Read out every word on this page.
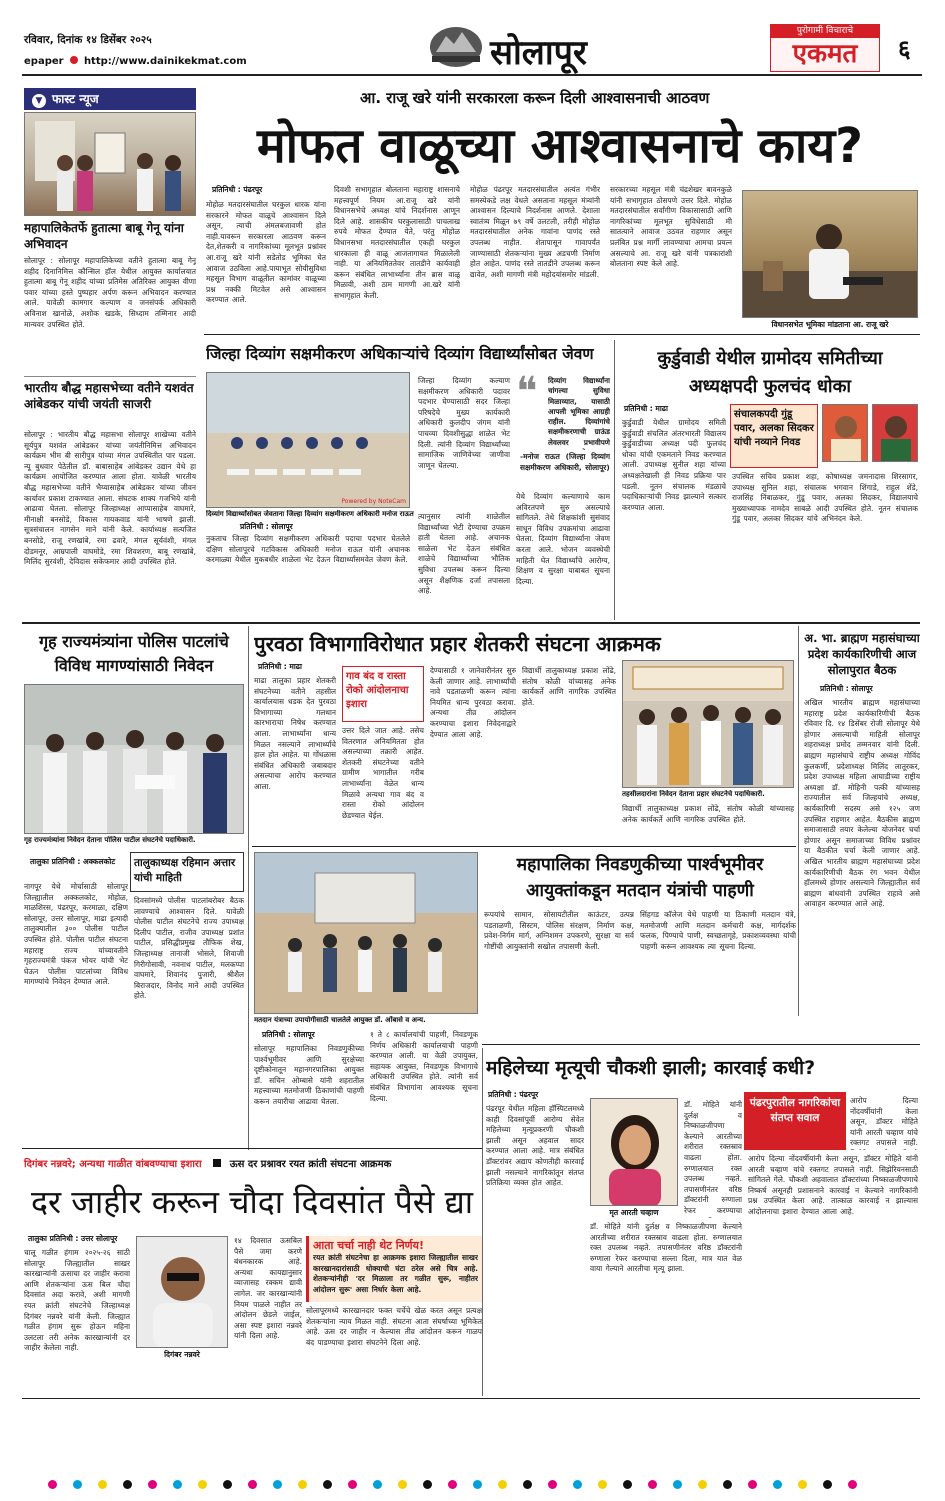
रविवार, दिनांक १४ डिसेंबर २०२५
epaper http://www.dainikekmat.com	सोलापूर
पुरोगामी विचाराचे
एकमत	६
▼ फास्ट न्यूज
महापालिकेतर्फे हुतात्मा बाबू गेनू यांना अभिवादन
सोलापूर : सोलापूर महापालिकेच्या वतीने हुतात्मा बाबू गेनू शहीद दिनानिमित्त कौन्सिल हॉल येथील आयुक्त कार्यालयात हुतात्मा बाबू गेनू शहीद यांच्या प्रतिमेस अतिरिक्त आयुक्त वीणा पवार यांच्या हस्ते पुष्पहार अर्पण करून अभिवादन करण्यात आले. यावेळी कामगार कल्याण व जनसंपर्क अधिकारी अविनाश खानोळे, अशोक खडके, सिध्दाम तम्मिनार आदी मान्यवर उपस्थित होते.
भारतीय बौद्ध महासभेच्या वतीने यशवंत आंबेडकर यांची जयंती साजरी
सोलापूर : भारतीय बौद्ध महासभा सोलापूर शाखेच्या वतीने सूर्यपुत्र यशवंत आंबेडकर यांच्या जयंतीनिमित्त अभिवादन कार्यक्रम भीम बी सारीपुत्र यांच्या मंगल उपस्थितीत पार पडला. न्यू बुधवार पेठेतील डॉ. बाबासाहेब आंबेडकर उद्यान येथे हा कार्यक्रम आयोजित करण्यात आला होता. यावेळी भारतीय बौद्ध महासभेच्या वतीने भैय्यासाहेब आंबेडकर यांच्या जीवन कार्यावर प्रकाश टाकण्यात आला. संघटक शाक्य गजभिये यांनी आढावा घेतला. सोलापूर जिल्हाध्यक्ष आप्पासाहेब वाघमारे, मीनाक्षी बनसोडे, विकास गायकवाड यांनी भाषणे झाली. सूत्रसंचालन नागसेन माने यांनी केले. कार्याध्यक्ष सत्यजित बनसोडे, राजू रणखांबे, रमा ढवारे, मंगल सूर्यवंशी, मंगल दोडमनूर, आम्रपाली वाघमोडे, रमा शिवशरण, बाबू रणखांबे, मिलिंद सुरवंशी, देविदास सकेफमार आदी उपस्थित होते.
आ. राजू खरे यांनी सरकारला करून दिली आश्वासनाची आठवण
मोफत वाळूच्या आश्वासनाचे काय?
प्रतिनिधी : पंढरपूर
मोहोळ मतदारसंघातील घरकुल धारक यांना सरकारने मोफत वाळूचे आश्वासन दिले असून, त्याची अंमलबजावणी होत नाही.यावरून सरकारला आठवण करून देत,शेतकरी व नागरिकांच्या मूलभूत प्रश्नांवर आ.राजू खरे यांनी सडेतोड भूमिका घेत आवाज उठविला आहे.पायाभूत सोयीसुविधा महसूल विभाग वाळूतील कामांवर वाळूच्या प्रश्न नक्की मिटवेल असे आश्वासन करण्यात आले.
दिवशी सभागृहात बोलताना महाराष्ट्र शासनाचे महत्त्वपूर्ण नियम आ.राजू खरे यांनी विधानसभेचे अध्यक्ष यांचे निदर्शनास आणून दिले आहे. शासकीय घरकुलासाठी पाचलाख रुपये मोफत देण्यात येते, परंतु मोहोळ विधानसभा मतदारसंघातील एकही घरकुल धारकाला ही वाळू आजतागायत मिळालेली नाही. या अनियमिततेवर तातडीने कार्यवाही करून संबंधित लाभार्थ्यांना तीन ब्रास वाळू मिळावी, अशी ठाम मागणी आ.खरे यांनी सभागृहात केली.
मोहोळ पंढरपूर मतदारसंघातील अत्यंत गंभीर समस्येकडे लक्ष वेधले असताना महसूल मंत्र्यांनी आश्वासन दिल्याचे निदर्शनास आणले. देशाला स्वातंत्र्य मिळून ७९ वर्षे उलटली, तरीही मोहोळ मतदारसंघातील अनेक गावांना पाणंद रस्ते उपलब्ध नाहीत. शेतापासून गावापर्यंत जाण्यासाठी शेतकऱ्यांना मुख्य अडचणी निर्माण होत आहेत. पाणंद रस्ते तातडीने उपलब्ध करून द्यावेत, अशी मागणी मंत्री महोदयांसमोर मांडली.
सरकारच्या महसूल मंत्री चंद्रशेखर बावनकुळे यांनी सभागृहात ठोसपणे उत्तर दिले. मोहोळ मतदारसंघातील सर्वांगीण विकासासाठी आणि नागरिकांच्या मूलभूत सुविधेसाठी मी सातत्याने आवाज उठवत राहणार असून प्रलंबित प्रश्न मार्गी लावण्याचा आमचा प्रयत्न असल्याचे आ. राजू खरे यांनी पत्रकारांशी बोलताना स्पष्ट केले आहे.
विधानसभेत भूमिका मांडताना आ. राजू खरे
जिल्हा दिव्यांग सक्षमीकरण अधिकाऱ्यांचे दिव्यांग विद्यार्थ्यांसोबत जेवण
Powered by NoteCam
दिव्यांग विद्यार्थ्यांसोबत जेवताना जिल्हा दिव्यांग सक्षमीकरण अधिकारी मनोज राऊत
जिल्हा दिव्यांग कल्याण सक्षमीकरण अधिकारी पदावर पदभार घेण्यासाठी सदर जिल्हा परिषदेचे मुख्य कार्यकारी अधिकारी कुलदीप जंगम यांनी पाचव्या दिवशीसुद्धा शाळेत भेट दिली. त्यांनी दिव्यांग विद्यार्थ्यांच्या सामाजिक जाणिवेच्या जाणीवा जाणून घेतल्या.
प्रतिनिधी : सोलापूर
नुकताच जिल्हा दिव्यांग सक्षमीकरण अधिकारी पदाचा पदभार घेतलेले दक्षिण सोलापूरचे गटविकास अधिकारी मनोज राऊत यांनी अचानक करमाळ्या येथील मुकबधीर शाळेला भेट देऊन विद्यार्थ्यांसमवेत जेवण केले.
त्यानुसार त्यांनी शाळेतील विद्यार्थ्यांच्या भेटी देण्याचा उपक्रम हाती घेतला आहे. अचानक साळेला भेट देऊन संबंधित शाळेचे विद्यार्थ्यांच्या भौतिक सुविधा उपलब्ध करून दिल्या असून शैक्षणिक दर्जा तपासला आहे.
❝ दिव्यांग विद्यार्थ्यांना चांगल्या सुविधा मिळाव्यात, यासाठी आपली भूमिका आग्रही राहील. दिव्यांगांचे सक्षमीकरणाची ग्राऊंड लेवलवर प्रभावीपणे
-मनोज राऊत (जिल्हा दिव्यांग सक्षमीकरण अधिकारी, सोलापूर)
येथे दिव्यांग कल्याणाचे काम अविरतपणे सुरु असल्याचे सांगितले. तेथे शिक्षकांशी सुसंवाद साधून विविध उपक्रमांचा आढावा घेतला. दिव्यांग विद्यार्थ्यांना जेवण करता आले. भोजन व्यवस्थेची माहिती घेत विद्यार्थ्यांचे आरोग्य, शिक्षण व सुरक्षा याबाबत सूचना दिल्या.
कुर्डुवाडी येथील ग्रामोदय समितीच्या
अध्यक्षपदी फुलचंद धोका
प्रतिनिधी : माढा
संचालकपदी गुंडू पवार, अलका सिदकर यांची नव्याने निवड
कुर्डुवाडी येथील ग्रामोदय समिती कुर्डुवाडी संचलित अंतरभारती विद्यालय कुर्डुवाडीच्या अध्यक्ष पदी फुलचंद धोका यांची एकमताने निवड करण्यात आली. उपाध्यक्ष सुनील शहा यांच्या अध्यक्षतेखाली ही निवड प्रक्रिया पार पडली. नूतन संचालक मंडळाचे पदाधिकाऱ्यांची निवड झाल्याने सत्कार करण्यात आला.
उपस्थित सचिव प्रकाश शहा, कोषाध्यक्ष जमनादास शिरसागर, उपाध्यक्ष सुनिल शहा, संचालक भगवान शिंगाडे, राहुल शेंडे, राजसिंह निंबाळकर, गुंडू पवार, अलका सिदकर, विद्यालयाचे मुख्याध्यापक नामदेव साबळे आदी उपस्थित होते. नूतन संचालक गुंडू पवार, अलका सिदकर यांचे अभिनंदन केले.
गृह राज्यमंत्र्यांना पोलिस पाटलांचे
विविध मागण्यांसाठी निवेदन
गृह राज्यमंत्र्यांना निवेदन देताना पोलिस पाटील संघटनेचे पदाधिकारी.
तालुका प्रतिनिधी : अक्कलकोट	तालुकाध्यक्ष रहिमान अत्तार यांची माहिती
नागपूर येथे मोर्चासाठी सोलापूर जिल्ह्यातील अक्कलकोट, मोहोळ, माळशिरस, पंढरपूर, करमाळा, दक्षिण सोलापूर, उत्तर सोलापूर, माढा इत्यादी तालुक्यातील ३०० पोलीस पाटील उपस्थित होते. पोलीस पाटील संघटना महाराष्ट्र राज्य यांच्यावतीने गृहराज्यमंत्री पंकज भोयर यांची भेट घेऊन पोलीस पाटलांच्या विविध मागण्यांचे निवेदन देण्यात आले.
दिवसांमध्ये पोलीस पाटलांबरोबर बैठक लावण्याचे आश्वासन दिले. यावेळी पोलीस पाटील संघटनेचे राज्य उपाध्यक्ष दिलीप पाटील, राजीव उपाध्यक्ष प्रशांत पाटील, प्रसिद्धीप्रमुख तौफिक शेख, जिल्हाध्यक्ष तानाजी भोसले, शिवाजी गिरीगोसावी, नवनाथ पाटील, मलकप्पा वाघमारे, शिवानंद पुजारी, श्रीशैल बिराजदार, विनोद माने आदी उपस्थित होते.
पुरवठा विभागाविरोधात प्रहार शेतकरी संघटना आक्रमक
प्रतिनिधी : माढा
माढा तालुका प्रहार शेतकरी संघटनेच्या वतीने तहसील कार्यालयास धडक देत पुरवठा विभागाच्या गलथान कारभाराचा निषेध करण्यात आला. लाभार्थ्यांना धान्य मिळत नसल्याने लाभार्थ्यांचे हाल होत आहेत. या गोंधळास संबंधित अधिकारी जबाबदार असल्याचा आरोप करण्यात आला.
गाव बंद व रास्ता रोको आंदोलनाचा इशारा
उत्तर दिले जात आहे. तसेच वितरणात अनियमितता होत असल्याच्या तक्रारी आहेत. शेतकरी संघटनेच्या वतीने ग्रामीण भागातील गरीब लाभार्थ्यांना वेळेत धान्य मिळावे अन्यथा गाव बंद व रास्ता रोको आंदोलन छेडण्यात येईल.
देण्यासाठी १ जानेवारीनंतर सुरु केली जाणार आहे. लाभार्थ्यांची नावे पडताळणी करून त्यांना नियमित धान्य पुरवठा करावा. अन्यथा तीव्र आंदोलन करण्याचा इशारा निवेदनाद्वारे देण्यात आला आहे.
विद्यार्थी तालुकाध्यक्ष प्रकाश लोंढे, संतोष कोळी यांच्यासह अनेक कार्यकर्ते आणि नागरिक उपस्थित होते.
तहसीलदारांना निवेदन देताना प्रहार संघटनेचे पदाधिकारी.
विद्यार्थी तालुकाध्यक्ष प्रकाश लोंढे, संतोष कोळी यांच्यासह अनेक कार्यकर्ते आणि नागरिक उपस्थित होते.
अ. भा. ब्राह्मण महासंघाच्या प्रदेश कार्यकारिणीची आज सोलापुरात बैठक
प्रतिनिधी : सोलापूर
अखिल भारतीय ब्राह्मण महासंघाच्या महाराष्ट्र प्रदेश कार्यकारिणीची बैठक रविवार दि. १४ डिसेंबर रोजी सोलापूर येथे होणार असल्याची माहिती सोलापूर शहराध्यक्ष प्रमोद तम्मनवार यांनी दिली. ब्राह्मण महासंघाचे राष्ट्रीय अध्यक्ष गोविंद कुलकर्णी, प्रदेशाध्यक्ष मिलिंद लातूरकर, प्रदेश उपाध्यक्ष महिला आघाडीच्या राष्ट्रीय अध्यक्षा डॉ. मोहिनी पत्की यांच्यासह राज्यातील सर्व जिल्हयांचे अध्यक्ष, कार्यकारिणी सदस्य असे १२५ जण उपस्थित राहणार आहेत. बैठकीस ब्राह्मण समाजासाठी तयार केलेल्या योजनेवर चर्चा होणार असून समाजाच्या विविध प्रश्नांवर या बैठकीत चर्चा केली जाणार आहे. अखिल भारतीय ब्राह्मण महासंघाच्या प्रदेश कार्यकारिणीची बैठक रंग भवन येथील हॉलमध्ये होणार असल्याने जिल्ह्यातील सर्व ब्राह्मण बांधवांनी उपस्थित राहावे असे आवाहन करण्यात आले आहे.
मतदान यंत्राच्या उपायोगीसाठी चालतेले आयुक्त डॉ. ओंबासे व अन्य.
महापालिका निवडणुकीच्या पार्श्वभूमीवर
आयुक्तांकडून मतदान यंत्रांची पाहणी
रूपयांचे सामान, सोसायटीतील काऊंटर, उत्पन्न पडताळणी, सिस्टम, पोलिस संरक्षण, निर्माण कक्ष, प्रवेश-निर्गम मार्ग, अग्निशमन उपकरणे, सुरक्षा या सर्व गोष्टींची आयुक्तांनी सखोल तपासणी केली.
सिंहगड कॉलेज येथे पाहणी या ठिकाणी मतदान यंत्रे, मतमोजणी आणि मतदान कर्मचारी कक्ष, मार्गदर्शक फलक, पिण्याचे पाणी, स्वच्छतागृहे, प्रकाशव्यवस्था यांची पाहणी करून आवश्यक त्या सूचना दिल्या.
प्रतिनिधी : सोलापूर
सोलापूर महापालिका निवडणुकीच्या पार्श्वभूमीवर आणि सुरक्षेच्या दृष्टीकोनातून महानगरपालिका आयुक्त डॉ. सचिन ओम्बासे यांनी शहरातील महत्त्वाच्या मतमोजणी ठिकाणांची पाहणी करून तयारीचा आढावा घेतला.
१ ते ८ कार्यालयांची पाहणी, निवडणूक निर्णय अधिकारी कार्यालयाची पाहणी करण्यात आली. या वेळी उपायुक्त, सहायक आयुक्त, निवडणूक विभागाचे अधिकारी उपस्थित होते. त्यांनी सर्व संबंधित विभागांना आवश्यक सूचना दिल्या.
महिलेच्या मृत्यूची चौकशी झाली; कारवाई कधी?
प्रतिनिधी : पंढरपूर
मृत आरती चव्हाण
पंढरपुरातील नागरिकांचा संतप्त सवाल
पंढरपूर येथील महिला हॉस्पिटलमध्ये काही दिवसांपूर्वी आरोग्य सेवेत महिलेच्या मृत्यूप्रकरणी चौकशी झाली असून अहवाल सादर करण्यात आला आहे. मात्र संबंधित डॉक्टरांवर अद्याप कोणतीही कारवाई झाली नसल्याने नागरिकांतून संतप्त प्रतिक्रिया व्यक्त होत आहेत.
डॉ. मोहिते यांनी दुर्लक्ष व निष्काळजीपणा केल्याने आरतीच्या शरीरात रक्तस्राव वाढला होता. रुग्णालयात रक्त उपलब्ध नव्हते. तपासणीनंतर वरिष्ठ डॉक्टरांनी रुग्णाला रेफर करण्याचा सल्ला दिला, मात्र यात वेळ वाया गेल्याने आरतीचा मृत्यू झाला.
डॉ. मोहिते यांनी दुर्लक्ष व निष्काळजीपणा केल्याने आरतीच्या शरीरात रक्तस्राव वाढला होता. रुग्णालयात रक्त उपलब्ध नव्हते. तपासणीनंतर वरिष्ठ डॉक्टरांनी रुग्णाला रेफर करण्याचा
आरोप दिल्या नोंदवर्षीयांनी केला असून, डॉक्टर मोहिते यांनी आरती चव्हाण यांचे रक्तगट तपासले नाही. सिझेरियनसाठी सांगितले गेले. चौकशी अहवालात डॉक्टरांच्या निष्काळजीपणाचे निष्कर्ष असूनही प्रशासनाने कारवाई न केल्याने नागरिकांनी प्रश्न उपस्थित केला आहे. तात्काळ कारवाई न झाल्यास आंदोलनाचा इशारा देण्यात आला आहे.
आरोप दिल्या नोंदवर्षीयांनी केला असून, डॉक्टर मोहिते यांनी आरती चव्हाण यांचे रक्तगट तपासले नाही.
दिगंबर नन्नवरे; अन्यथा गाळीत वांबवण्याचा इशारा	ऊस दर प्रश्नावर रयत क्रांती संघटना आक्रमक
दर जाहीर करून चौदा दिवसांत पैसे द्या
तालुका प्रतिनिधी : उत्तर सोलापूर
चालू गळीत हंगाम २०२५-२६ साठी सोलापूर जिल्ह्यातील साखर कारखान्यांनी ऊसाचा दर जाहीर करावा आणि शेतकऱ्यांना ऊस बिल चौदा दिवसांत अदा करावे, अशी मागणी रयत क्रांती संघटनेचे जिल्हाध्यक्ष दिगंबर नन्नवरे यांनी केली. जिल्ह्यात गळीत हंगाम सुरू होऊन महिना उलटला तरी अनेक कारखान्यांनी दर जाहीर केलेला नाही.
दिगंबर नन्नवरे
१४ दिवसात ऊसबिल पैसे जमा करणे बंधनकारक आहे. अन्यथा कायद्यानुसार व्याजासह रक्कम द्यावी लागेल. जर कारखान्यांनी नियम पाळले नाहीत तर आंदोलन छेडले जाईल, असा स्पष्ट इशारा नन्नवरे यांनी दिला आहे.
आता चर्चा नाही थेट निर्णय!
रयत क्रांती संघटनेचा हा आक्रमक इशारा जिल्ह्यातील साखर कारखानदारांसाठी धोक्याची घंटा ठरेल असे चित्र आहे. शेतकऱ्यांनीही 'दर मिळाला तर गळीत सुरू, नाहीतर आंदोलन सुरू' असा निर्धार केला आहे.
सोलापूरमध्ये कारखानदार फक्त चर्चेचे खेळ करत असून प्रत्यक्ष शेतकऱ्यांना न्याय मिळत नाही. संघटना आता संघर्षाच्या भूमिकेत आहे. ऊस दर जाहीर न केल्यास तीव्र आंदोलन करून गाळप बंद पाडण्याचा इशारा संघटनेने दिला आहे.
